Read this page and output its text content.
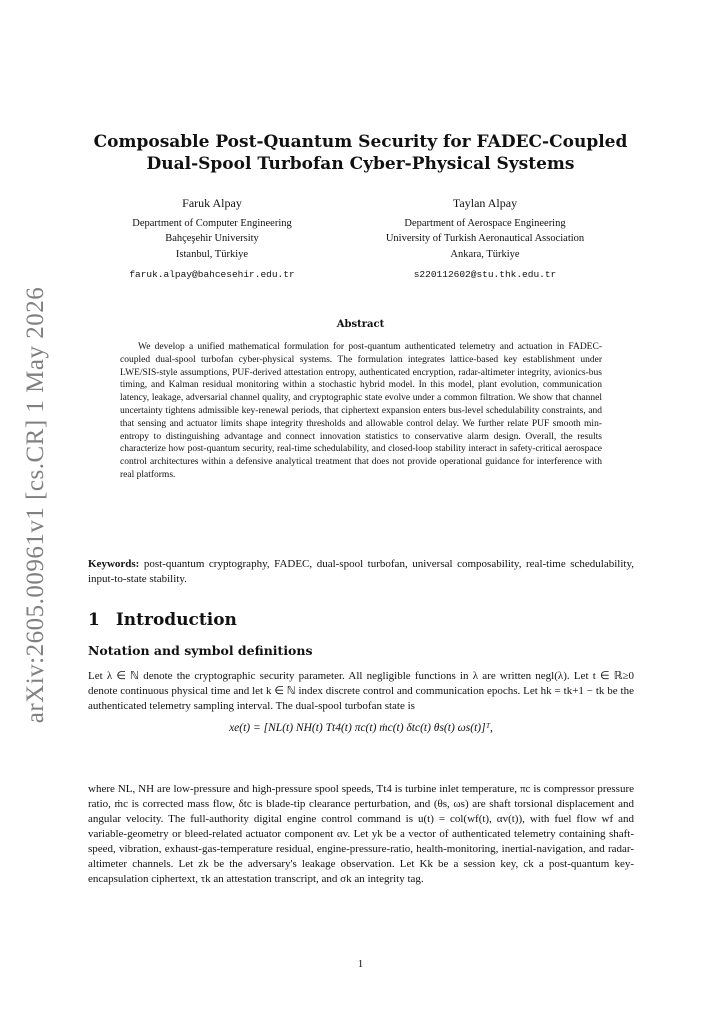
arXiv:2605.00961v1 [cs.CR] 1 May 2026
Composable Post-Quantum Security for FADEC-Coupled
Dual-Spool Turbofan Cyber-Physical Systems
Faruk Alpay
Department of Computer Engineering
Bahçeşehir University
Istanbul, Türkiye
faruk.alpay@bahcesehir.edu.tr
Taylan Alpay
Department of Aerospace Engineering
University of Turkish Aeronautical Association
Ankara, Türkiye
s220112602@stu.thk.edu.tr
Abstract
We develop a unified mathematical formulation for post-quantum authenticated telemetry and actuation in FADEC-coupled dual-spool turbofan cyber-physical systems. The formulation integrates lattice-based key establishment under LWE/SIS-style assumptions, PUF-derived attestation entropy, authenticated encryption, radar-altimeter integrity, avionics-bus timing, and Kalman residual monitoring within a stochastic hybrid model. In this model, plant evolution, communication latency, leakage, adversarial channel quality, and cryptographic state evolve under a common filtration. We show that channel uncertainty tightens admissible key-renewal periods, that ciphertext expansion enters bus-level schedulability constraints, and that sensing and actuator limits shape integrity thresholds and allowable control delay. We further relate PUF smooth min-entropy to distinguishing advantage and connect innovation statistics to conservative alarm design. Overall, the results characterize how post-quantum security, real-time schedulability, and closed-loop stability interact in safety-critical aerospace control architectures within a defensive analytical treatment that does not provide operational guidance for interference with real platforms.
Keywords: post-quantum cryptography, FADEC, dual-spool turbofan, universal composability, real-time schedulability, input-to-state stability.
1 Introduction
Notation and symbol definitions
Let λ ∈ ℕ denote the cryptographic security parameter. All negligible functions in λ are written negl(λ). Let t ∈ ℝ≥0 denote continuous physical time and let k ∈ ℕ index discrete control and communication epochs. Let hk = tk+1 − tk be the authenticated telemetry sampling interval. The dual-spool turbofan state is
xe(t) = [NL(t) NH(t) Tt4(t) πc(t) ṁc(t) δtc(t) θs(t) ωs(t)]ᵀ,
where NL, NH are low-pressure and high-pressure spool speeds, Tt4 is turbine inlet temperature, πc is compressor pressure ratio, ṁc is corrected mass flow, δtc is blade-tip clearance perturbation, and (θs, ωs) are shaft torsional displacement and angular velocity. The full-authority digital engine control command is u(t) = col(wf(t), αv(t)), with fuel flow wf and variable-geometry or bleed-related actuator component αv. Let yk be a vector of authenticated telemetry containing shaft-speed, vibration, exhaust-gas-temperature residual, engine-pressure-ratio, health-monitoring, inertial-navigation, and radar-altimeter channels. Let zk be the adversary's leakage observation. Let Kk be a session key, ck a post-quantum key-encapsulation ciphertext, τk an attestation transcript, and σk an integrity tag.
1
